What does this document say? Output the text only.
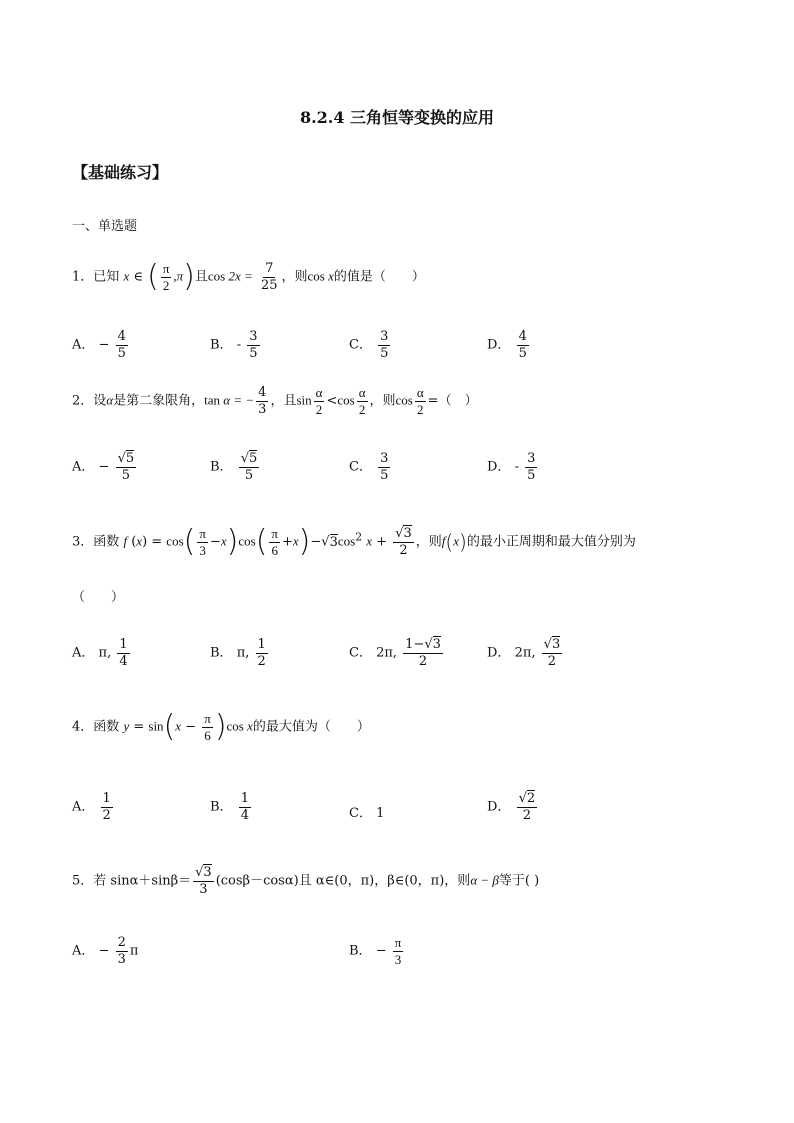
8.2.4 三角恒等变换的应用
【基础练习】
一、单选题
1．已知 x ∈ ( $\frac{\pi}{2} ,\pi$)且$\cos 2x = \frac{7}{25}$ ，则cos x的值是（　　）
A． − $\frac{4}{5}$	B． - $\frac{3}{5}$	C． $\frac{3}{5}$	D． $\frac{4}{5}$
2．设α是第二象限角，tan α = − $\frac{4}{3}$ ，且$\sin \frac{\alpha}{2} <\cos \frac{\alpha}{2}$ ，则$\cos \frac{\alpha}{2}$ =（　）
A． − $\frac{√5}{5}$	B． $\frac{√5}{5}$	C． $\frac{3}{5}$	D． - $\frac{3}{5}$
3．函数 f $(x) = \cos( \frac{\pi}{3} -x)\cos( \frac{\pi}{6} +x)-√3\cos^2$ $x + \frac{√3}{2}$ ，则f(x)的最小正周期和最大值分别为
（　　）
A． π, $\frac{1}{4}$	B． π, $\frac{1}{2}$	C． 2π, $\frac{1-√3}{2}$	D． 2π, $\frac{√3}{2}$
4．函数 $y = \sin(x - \frac{\pi}{6} )\cos$ x的最大值为（　　）
A． $\frac{1}{2}$	B． $\frac{1}{4}$	C． 1	D． $\frac{√2}{2}$
5．若 $\sin\alpha+\sin\beta= \frac{√3}{3} (\cos\beta-\cos\alpha)$且 α∈(0，π)，β∈(0，π)，则α − β等于( )
A． − $\frac{2}{3}$ π	B． − $\frac{\pi}{3}$
